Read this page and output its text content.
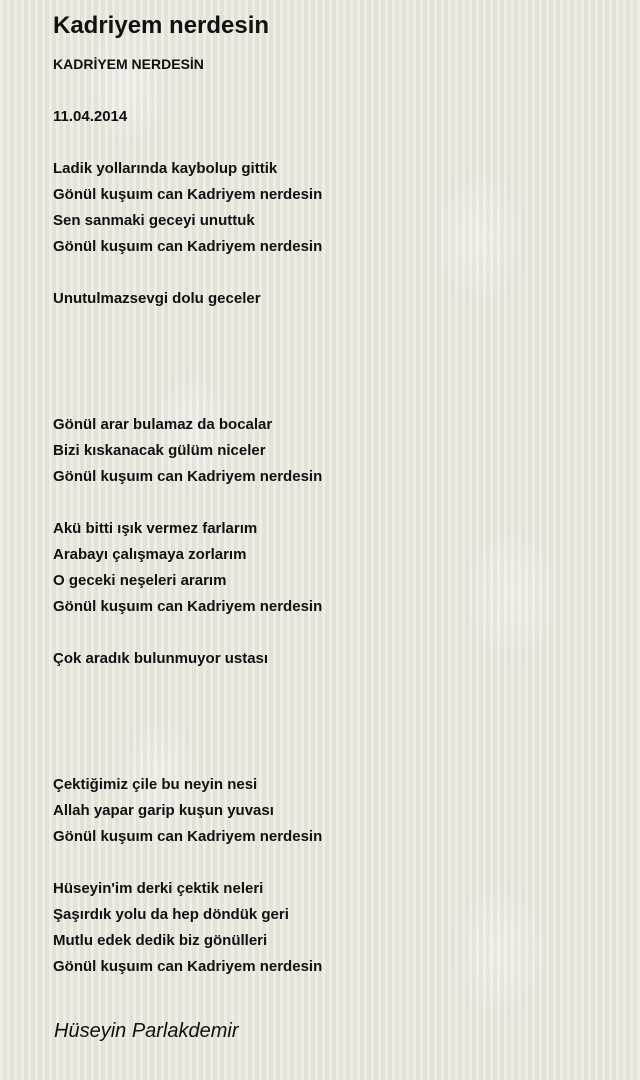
Kadriyem nerdesin
KADRİYEM NERDESİN
11.04.2014
Ladik yollarında kaybolup gittik
Gönül kuşuım can Kadriyem nerdesin
Sen sanmaki geceyi unuttuk
Gönül kuşuım can Kadriyem nerdesin
Unutulmazsevgi dolu geceler
Gönül arar bulamaz da bocalar
Bizi kıskanacak gülüm niceler
Gönül kuşuım can Kadriyem nerdesin
Akü bitti ışık vermez farlarım
Arabayı çalışmaya zorlarım
O geceki neşeleri ararım
Gönül kuşuım can Kadriyem nerdesin
Çok aradık bulunmuyor ustası
Çektiğimiz çile bu neyin nesi
Allah yapar garip kuşun yuvası
Gönül kuşuım can Kadriyem nerdesin
Hüseyin'im derki çektik neleri
Şaşırdık yolu da hep döndük geri
Mutlu edek dedik biz gönülleri
Gönül kuşuım can Kadriyem nerdesin
Hüseyin Parlakdemir
